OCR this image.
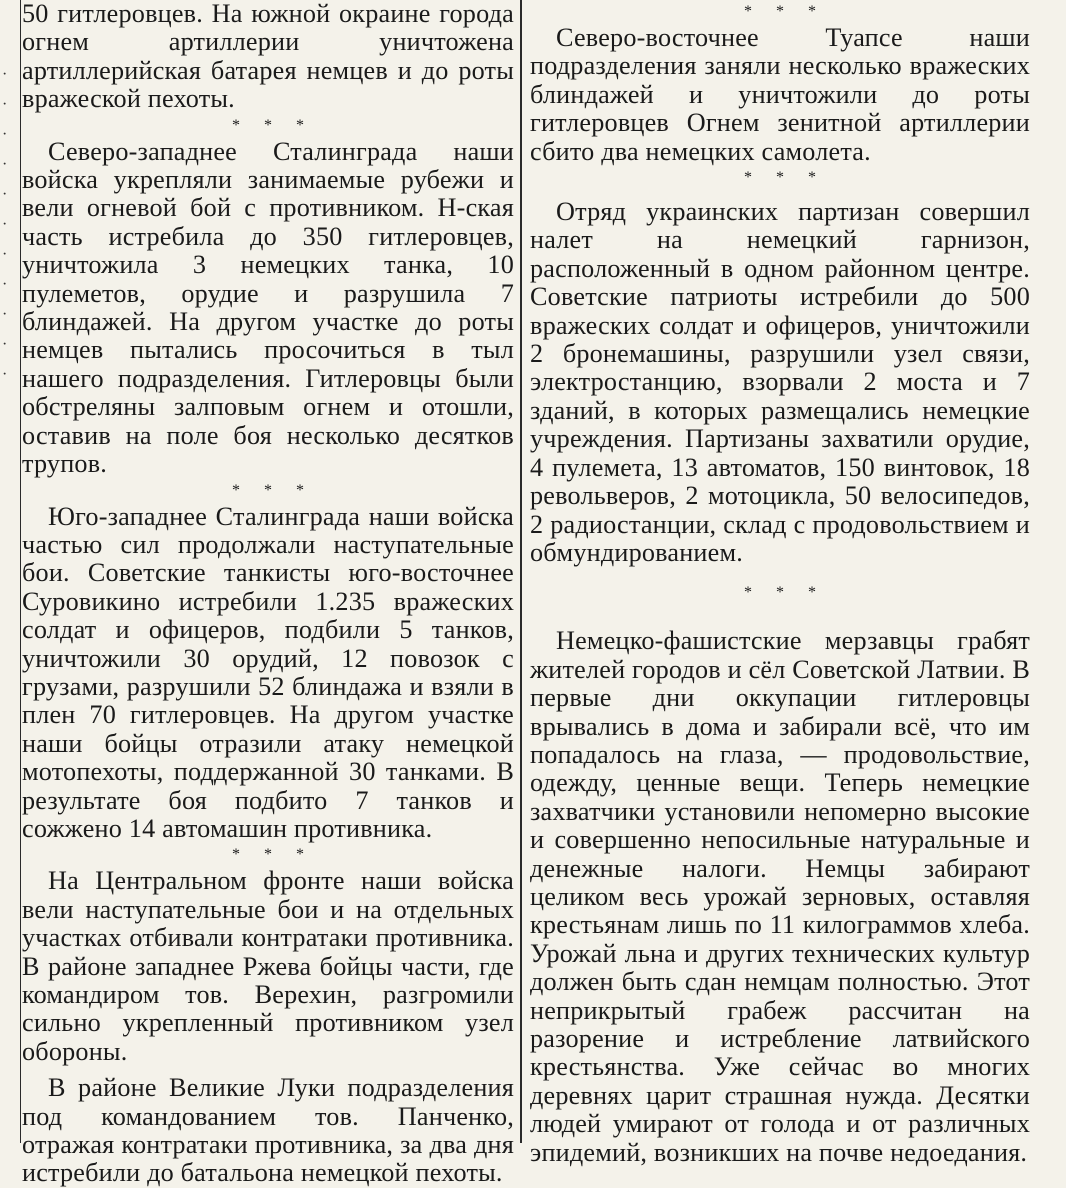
·
·
·
·
·
·
·
·
·
·
·

50 гитлеровцев. На южной окраине города огнем артиллерии уничтожена артиллерийская батарея немцев и до роты вражеской пехоты.

* * *

Северо-западнее Сталинграда наши войска укрепляли занимаемые рубежи и вели огневой бой с противником. Н-ская часть истребила до 350 гитлеровцев, уничтожила 3 немецких танка, 10 пулеметов, орудие и разрушила 7 блиндажей. На другом участке до роты немцев пытались просочиться в тыл нашего подразделения. Гитлеровцы были обстреляны залповым огнем и отошли, оставив на поле боя несколько десятков трупов.

* * *

Юго-западнее Сталинграда наши войска частью сил продолжали наступательные бои. Советские танкисты юго-восточнее Суровикино истребили 1.235 вражеских солдат и офицеров, подбили 5 танков, уничтожили 30 орудий, 12 повозок с грузами, разрушили 52 блиндажа и взяли в плен 70 гитлеровцев. На другом участке наши бойцы отразили атаку немецкой мотопехоты, поддержанной 30 танками. В результате боя подбито 7 танков и сожжено 14 автомашин противника.

* * *

На Центральном фронте наши войска вели наступательные бои и на отдельных участках отбивали контратаки противника. В районе западнее Ржева бойцы части, где командиром тов. Верехин, разгромили сильно укрепленный противником узел обороны.

В районе Великие Луки подразделения под командованием тов. Панченко, отражая контратаки противника, за два дня истребили до батальона немецкой пехоты.

* * *

Северо-восточнее Туапсе наши подразделения заняли несколько вражеских блиндажей и уничтожили до роты гитлеровцев Огнем зенитной артиллерии сбито два немецких самолета.

* * *

Отряд украинских партизан совершил налет на немецкий гарнизон, расположенный в одном районном центре. Советские патриоты истребили до 500 вражеских солдат и офицеров, уничтожили 2 бронемашины, разрушили узел связи, электростанцию, взорвали 2 моста и 7 зданий, в которых размещались немецкие учреждения. Партизаны захватили орудие, 4 пулемета, 13 автоматов, 150 винтовок, 18 револьверов, 2 мотоцикла, 50 велосипедов, 2 радиостанции, склад с продовольствием и обмундированием.

* * *

Немецко-фашистские мерзавцы грабят жителей городов и сёл Советской Латвии. В первые дни оккупации гитлеровцы врывались в дома и забирали всё, что им попадалось на глаза, — продовольствие, одежду, ценные вещи. Теперь немецкие захватчики установили непомерно высокие и совершенно непосильные натуральные и денежные налоги. Немцы забирают целиком весь урожай зерновых, оставляя крестьянам лишь по 11 килограммов хлеба. Урожай льна и других технических культур должен быть сдан немцам полностью. Этот неприкрытый грабеж рассчитан на разорение и истребление латвийского крестьянства. Уже сейчас во многих деревнях царит страшная нужда. Десятки людей умирают от голода и от различных эпидемий, возникших на почве недоедания.
